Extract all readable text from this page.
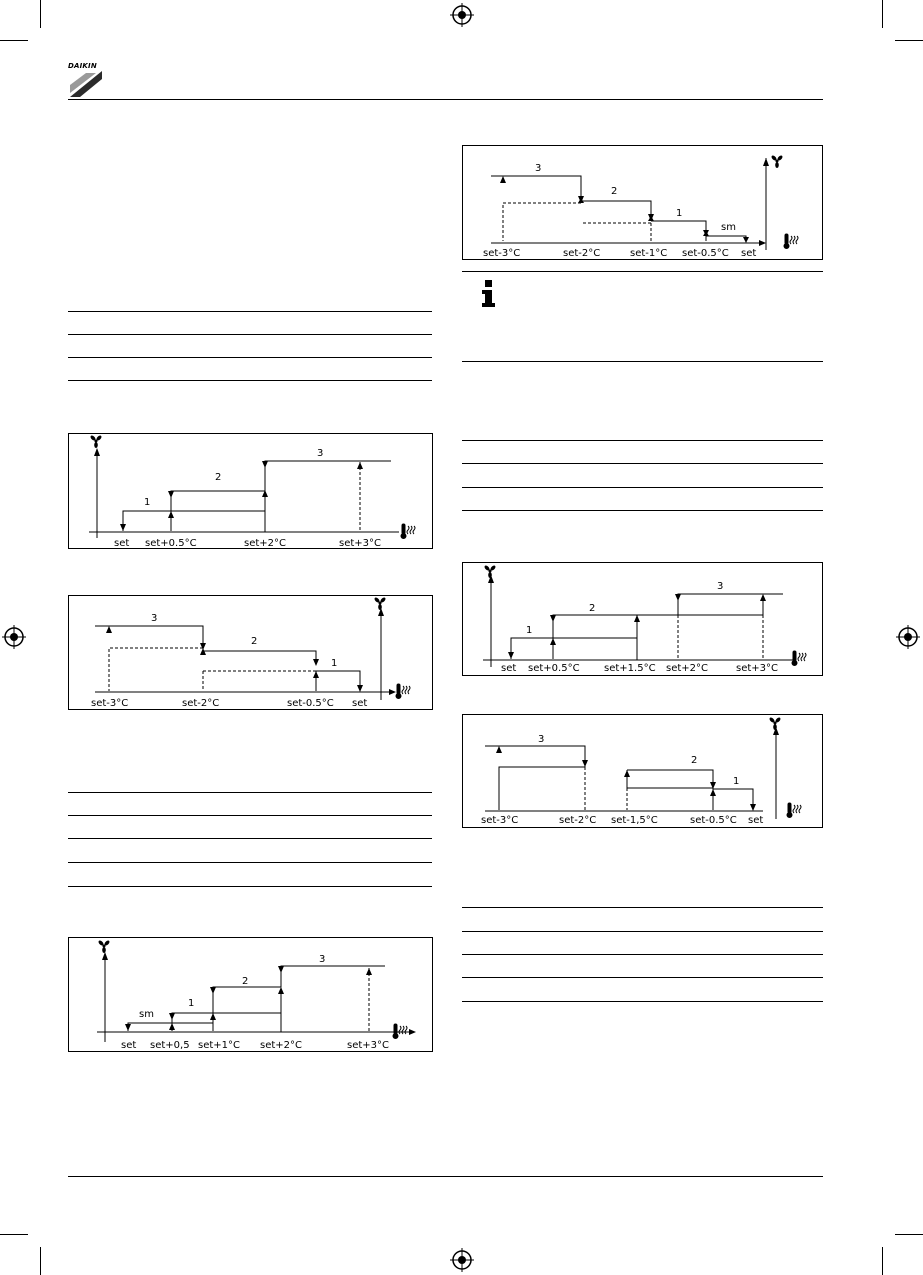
DAIKIN
3
2
1
sm
set-3°C	set-2°C	set-1°C set-0.5°C set
1
2
3
set set+0.5°C	set+2°C	set+3°C
3
2
1
set-3°C	set-2°C	set-0.5°C set
sm
1
2
3
set set+0,5 set+1°C set+2°C	set+3°C
1
2
3
set set+0.5°C set+1.5°C set+2°C	set+3°C
3
2
1
set-3°C	set-2°C set-1,5°C	set-0.5°C set
